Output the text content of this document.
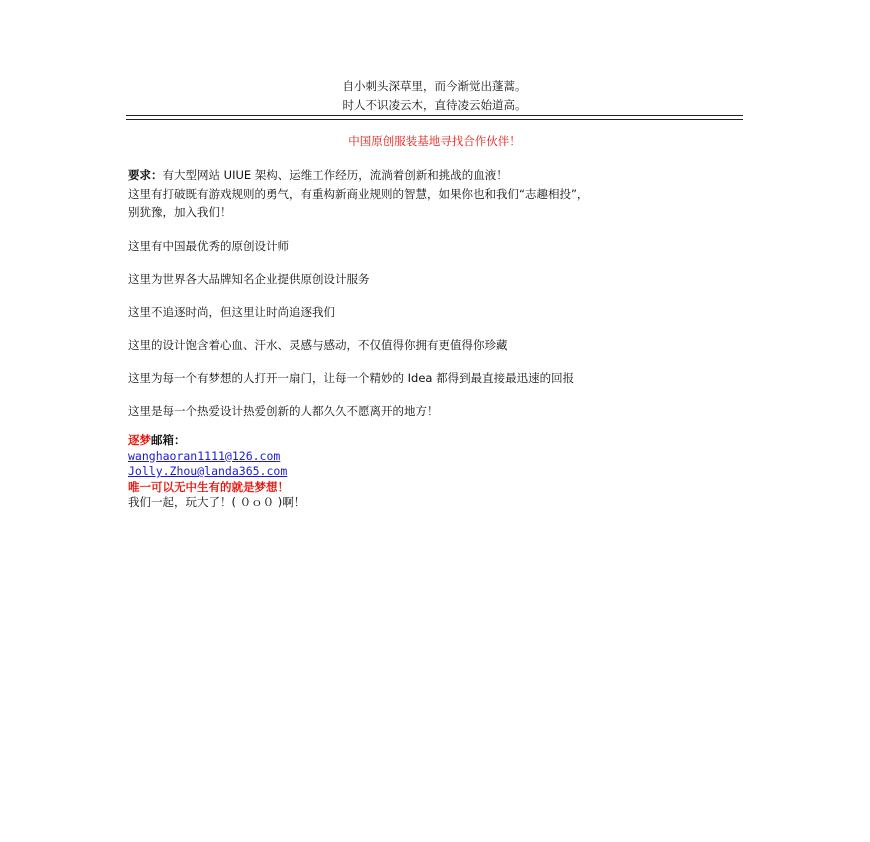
自小刺头深草里，而今渐觉出蓬蒿。
时人不识凌云木，直待凌云始道高。
中国原创服装基地寻找合作伙伴！
要求：有大型网站 UIUE 架构、运维工作经历，流淌着创新和挑战的血液！
这里有打破既有游戏规则的勇气，有重构新商业规则的智慧，如果你也和我们“志趣相投”，
别犹豫，加入我们！
这里有中国最优秀的原创设计师
这里为世界各大品牌知名企业提供原创设计服务
这里不追逐时尚，但这里让时尚追逐我们
这里的设计饱含着心血、汗水、灵感与感动，不仅值得你拥有更值得你珍藏
这里为每一个有梦想的人打开一扇门，让每一个精妙的 Idea 都得到最直接最迅速的回报
这里是每一个热爱设计热爱创新的人都久久不愿离开的地方！
逐梦邮箱：
wanghaoran1111@126.com
Jolly.Zhou@landa365.com
唯一可以无中生有的就是梦想！
我们一起，玩大了！( ０ｏ０ )啊！
